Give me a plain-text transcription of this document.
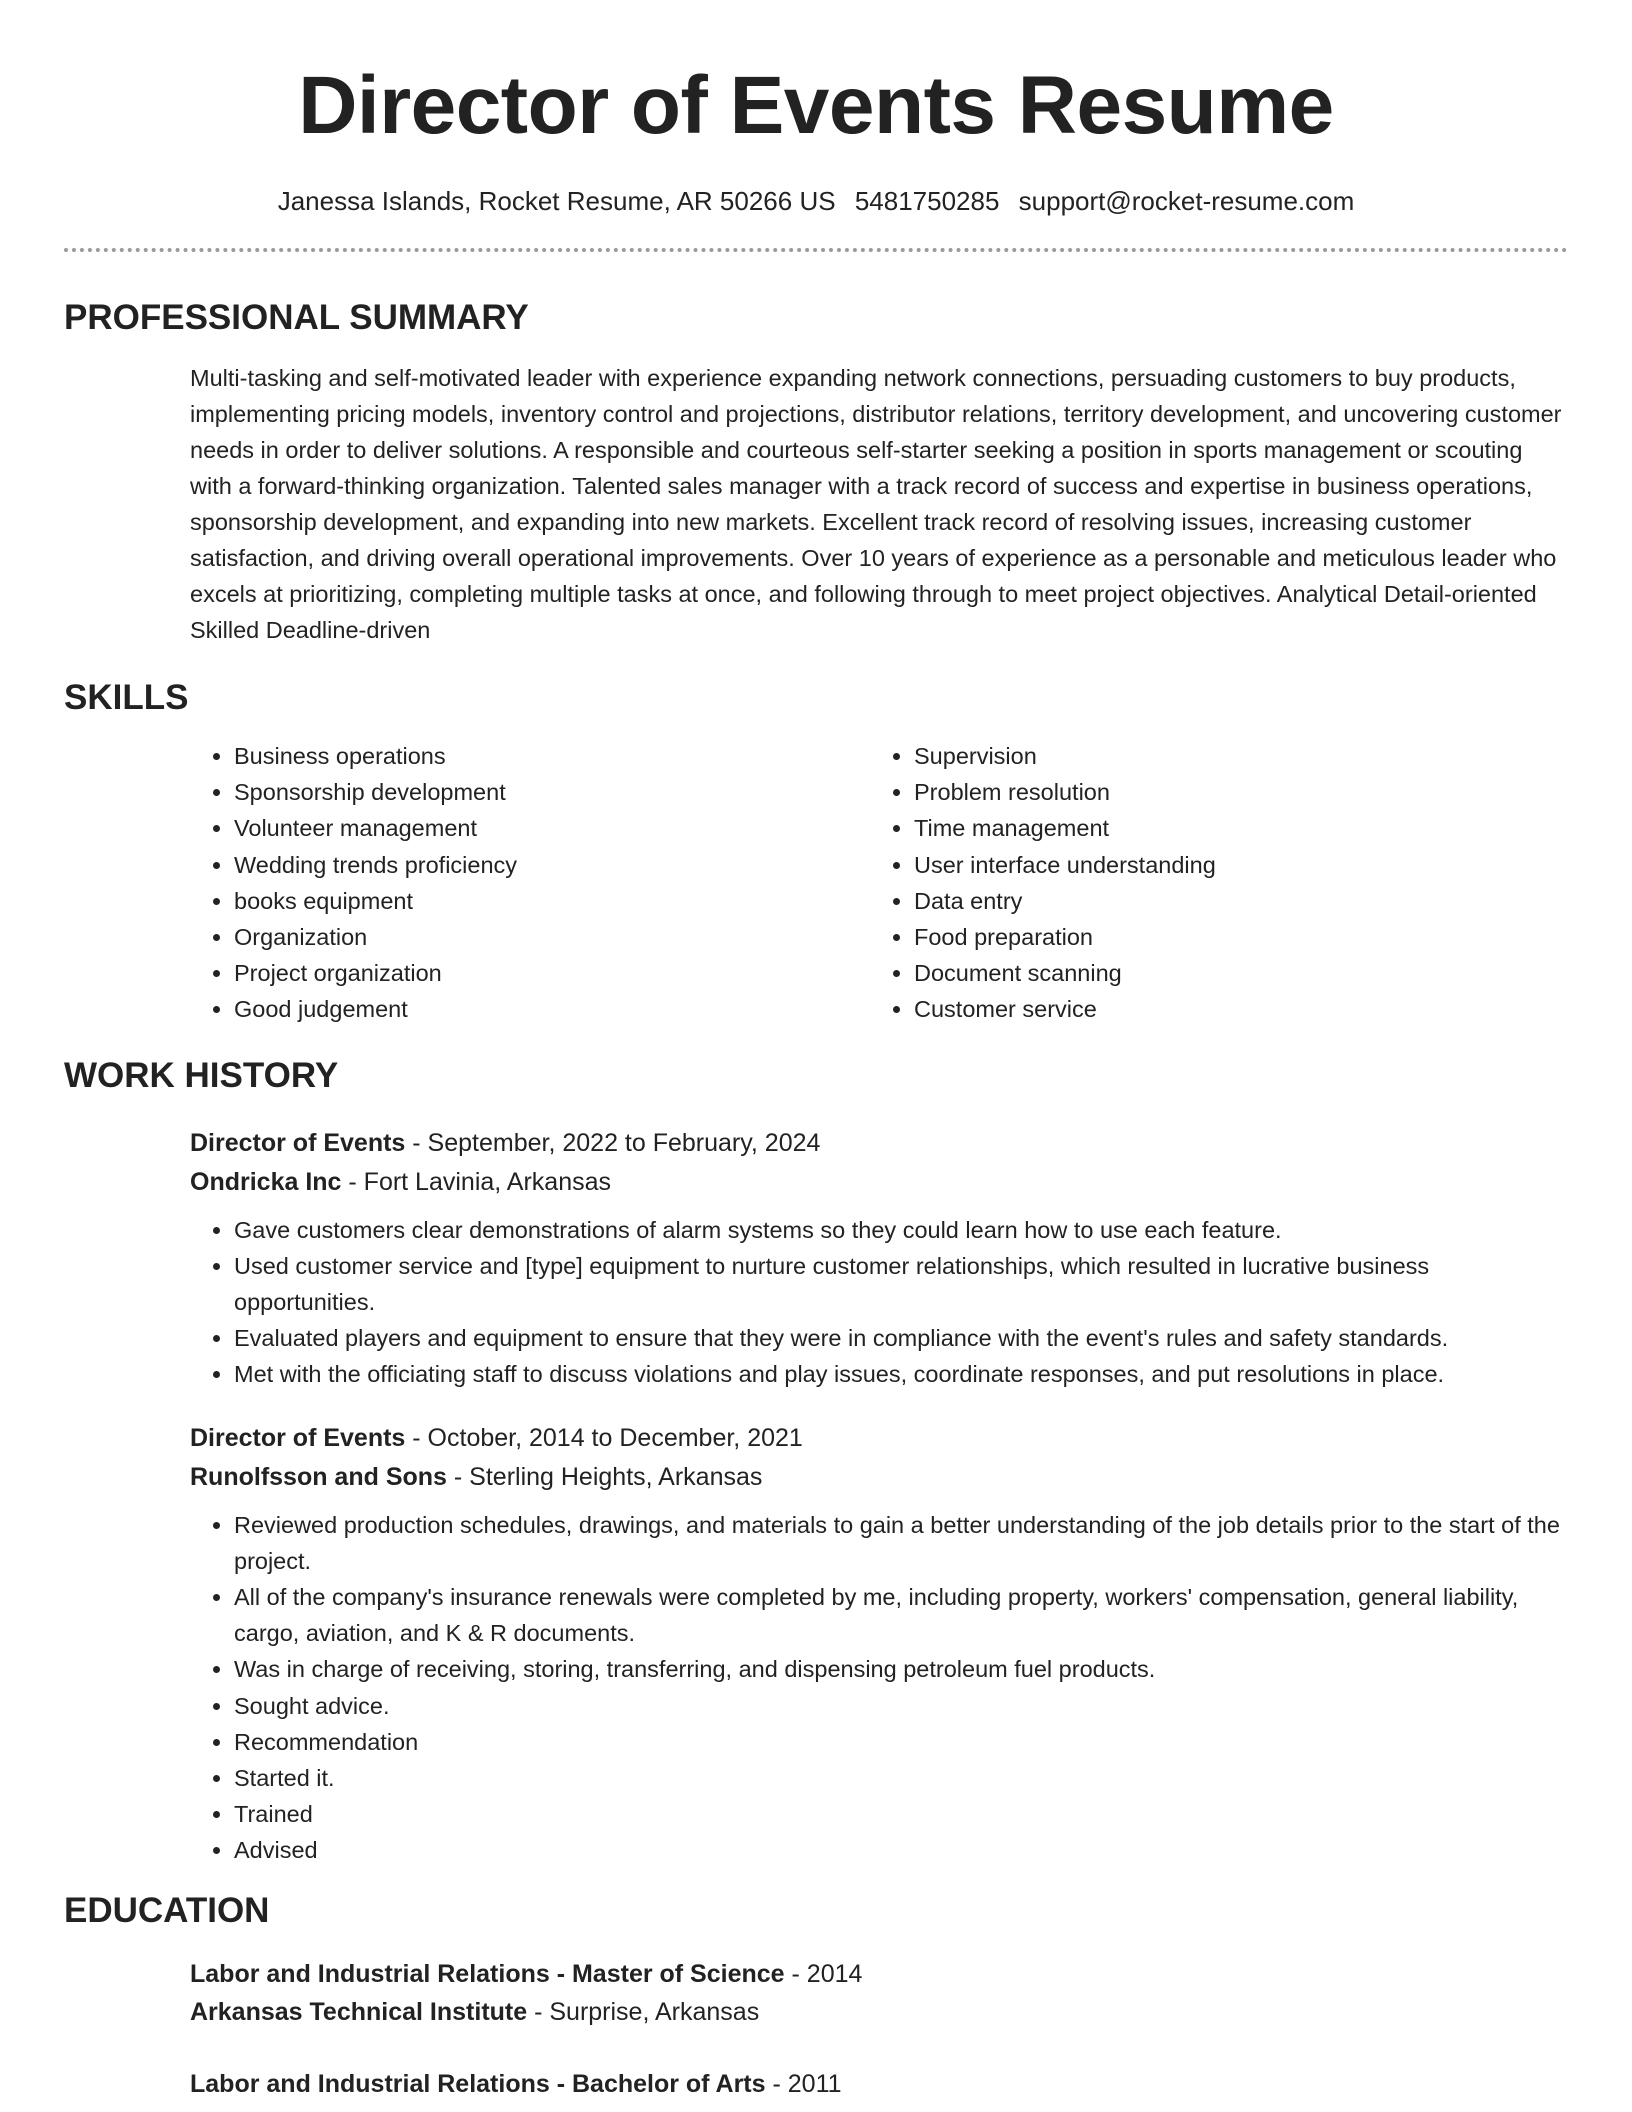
Director of Events Resume
Janessa Islands, Rocket Resume, AR 50266 US 5481750285 support@rocket-resume.com
PROFESSIONAL SUMMARY

Multi-tasking and self-motivated leader with experience expanding network connections, persuading customers to buy products, implementing pricing models, inventory control and projections, distributor relations, territory development, and uncovering customer needs in order to deliver solutions. A responsible and courteous self-starter seeking a position in sports management or scouting with a forward-thinking organization. Talented sales manager with a track record of success and expertise in business operations, sponsorship development, and expanding into new markets. Excellent track record of resolving issues, increasing customer satisfaction, and driving overall operational improvements. Over 10 years of experience as a personable and meticulous leader who excels at prioritizing, completing multiple tasks at once, and following through to meet project objectives. Analytical Detail-oriented Skilled Deadline-driven

SKILLS
• Business operations
• Sponsorship development
• Volunteer management
• Wedding trends proficiency
• books equipment
• Organization
• Project organization
• Good judgement
• Supervision
• Problem resolution
• Time management
• User interface understanding
• Data entry
• Food preparation
• Document scanning
• Customer service
WORK HISTORY
Director of Events - September, 2022 to February, 2024
Ondricka Inc - Fort Lavinia, Arkansas
• Gave customers clear demonstrations of alarm systems so they could learn how to use each feature.
• Used customer service and [type] equipment to nurture customer relationships, which resulted in lucrative business opportunities.
• Evaluated players and equipment to ensure that they were in compliance with the event's rules and safety standards.
• Met with the officiating staff to discuss violations and play issues, coordinate responses, and put resolutions in place.
Director of Events - October, 2014 to December, 2021
Runolfsson and Sons - Sterling Heights, Arkansas
• Reviewed production schedules, drawings, and materials to gain a better understanding of the job details prior to the start of the project.
• All of the company's insurance renewals were completed by me, including property, workers' compensation, general liability, cargo, aviation, and K & R documents.
• Was in charge of receiving, storing, transferring, and dispensing petroleum fuel products.
• Sought advice.
• Recommendation
• Started it.
• Trained
• Advised
EDUCATION
Labor and Industrial Relations - Master of Science - 2014
Arkansas Technical Institute - Surprise, Arkansas
Labor and Industrial Relations - Bachelor of Arts - 2011
